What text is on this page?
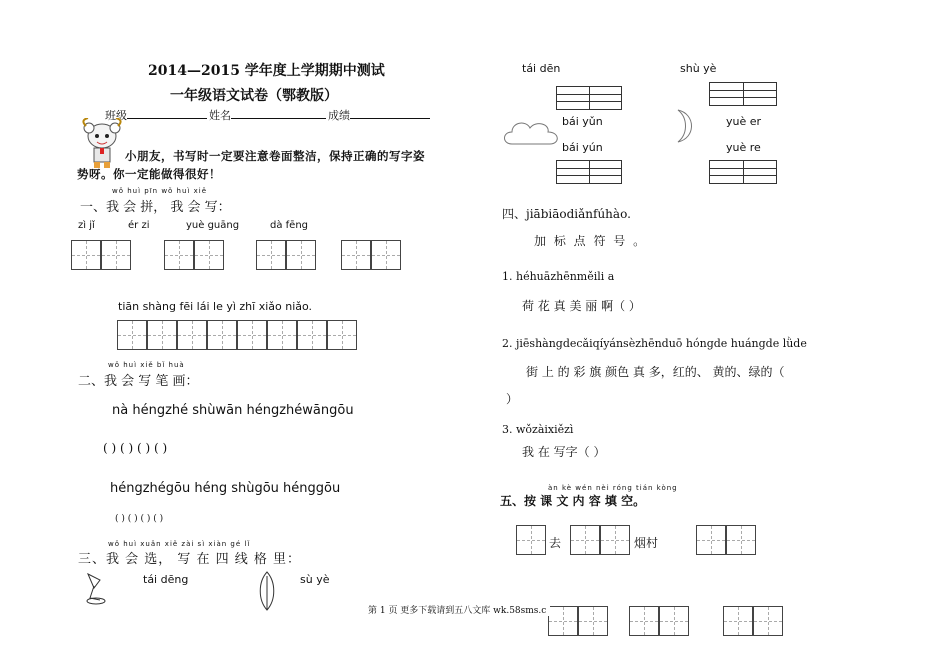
2014—2015 学年度上学期期中测试
一年级语文试卷（鄂教版）
班级	姓名	成绩
小朋友，书写时一定要注意卷面整洁，保持正确的写字姿
势呀。你一定能做得很好！
wǒ huì pīn wǒ huì xiě
一、我 会 拼， 我 会 写：
zì jǐ	ér zi	yuè guāng	dà fēng
tiān shàng fēi lái le yì zhī xiǎo niǎo.
wǒ huì xiě bǐ huà
二、我 会 写 笔 画：
nà héngzhé shùwān héngzhéwāngōu
( ) ( ) ( ) ( )
héngzhégōu héng shùgōu hénggōu
( ) ( ) ( ) ( )
wǒ huì xuǎn xiě zài sì xiàn gé lǐ
三、我 会 选， 写 在 四 线 格 里：
tái dēng	sù yè
tái dēn	shù yè
bái yǔn	yuè er
bái yún	yuè re
四、jiābiāodiǎnfúhào.
加 标 点 符 号 。
1. héhuāzhēnměili a
荷 花 真 美 丽 啊（ ）
2. jiēshàngdecǎiqíyánsèzhēnduō hóngde huángde lǜde
街 上 的 彩 旗 颜色 真 多，红的、 黄的、绿的（
）
3. wǒzàixiězì
我 在 写字（ ）
àn kè wén nèi róng tián kòng
五、按 课 文 内 容 填 空。
去	烟村
第 1 页 更多下载请到五八文库 wk.58sms.c
